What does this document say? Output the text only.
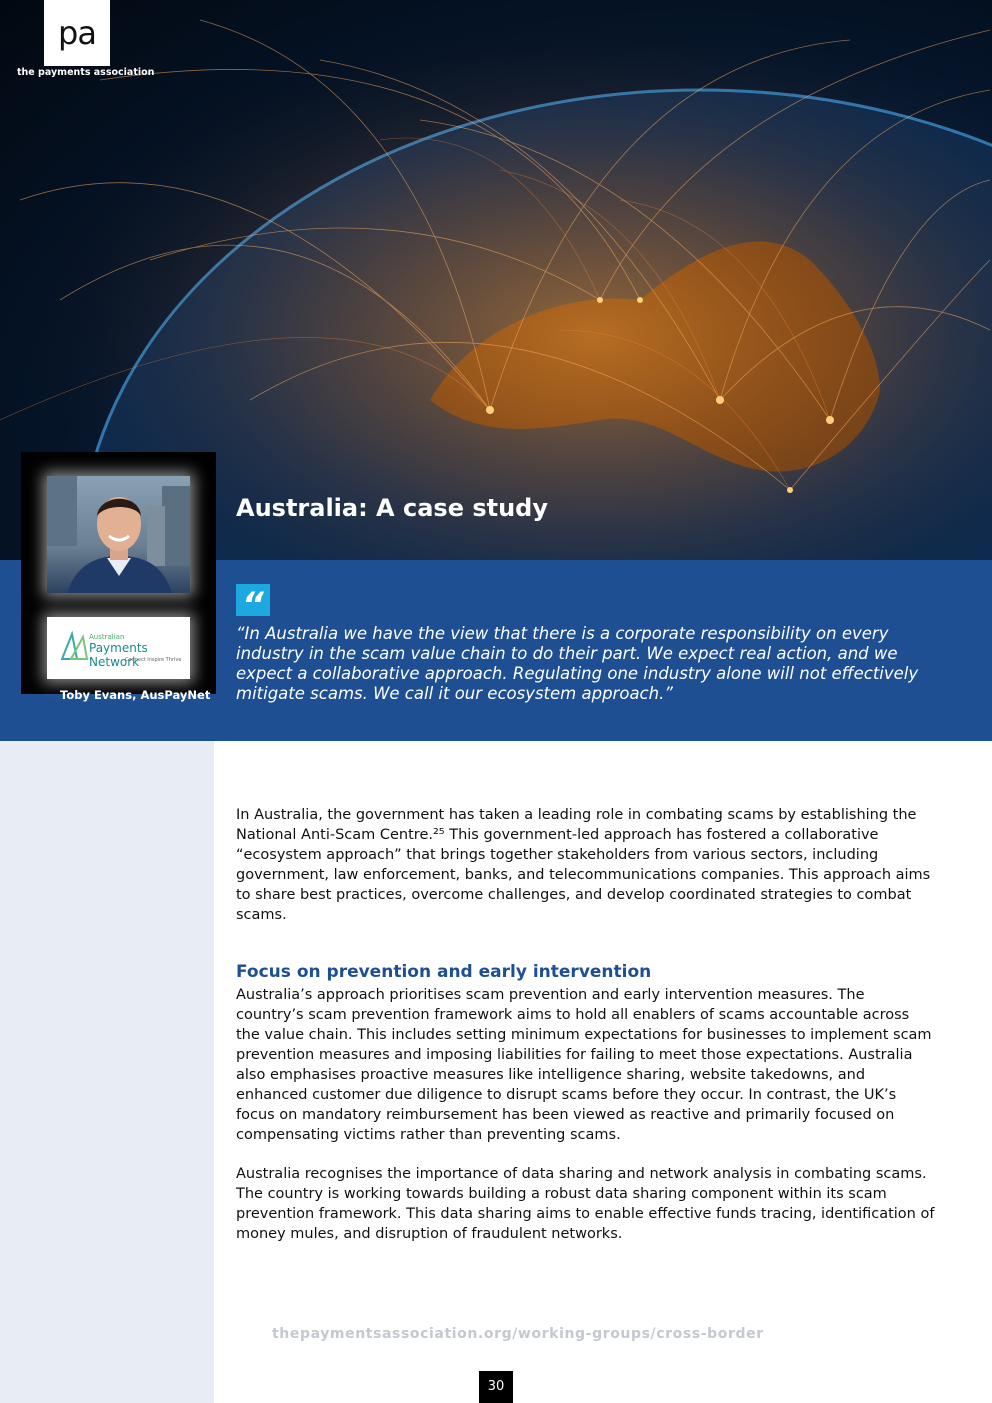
pa
the payments association
Australia: A case study
Australian
Payments Network
Connect Inspire Thrive
Toby Evans, AusPayNet
“
“In Australia we have the view that there is a corporate responsibility on every industry in the scam value chain to do their part. We expect real action, and we expect a collaborative approach. Regulating one industry alone will not effectively mitigate scams. We call it our ecosystem approach.”

In Australia, the government has taken a leading role in combating scams by establishing the National Anti-Scam Centre.²⁵ This government-led approach has fostered a collaborative “ecosystem approach” that brings together stakeholders from various sectors, including government, law enforcement, banks, and telecommunications companies. This approach aims to share best practices, overcome challenges, and develop coordinated strategies to combat scams.

Focus on prevention and early intervention

Australia’s approach prioritises scam prevention and early intervention measures. The country’s scam prevention framework aims to hold all enablers of scams accountable across the value chain. This includes setting minimum expectations for businesses to implement scam prevention measures and imposing liabilities for failing to meet those expectations. Australia also emphasises proactive measures like intelligence sharing, website takedowns, and enhanced customer due diligence to disrupt scams before they occur. In contrast, the UK’s focus on mandatory reimbursement has been viewed as reactive and primarily focused on compensating victims rather than preventing scams.

Australia recognises the importance of data sharing and network analysis in combating scams. The country is working towards building a robust data sharing component within its scam prevention framework. This data sharing aims to enable effective funds tracing, identification of money mules, and disruption of fraudulent networks.

thepaymentsassociation.org/working-groups/cross-border
30
